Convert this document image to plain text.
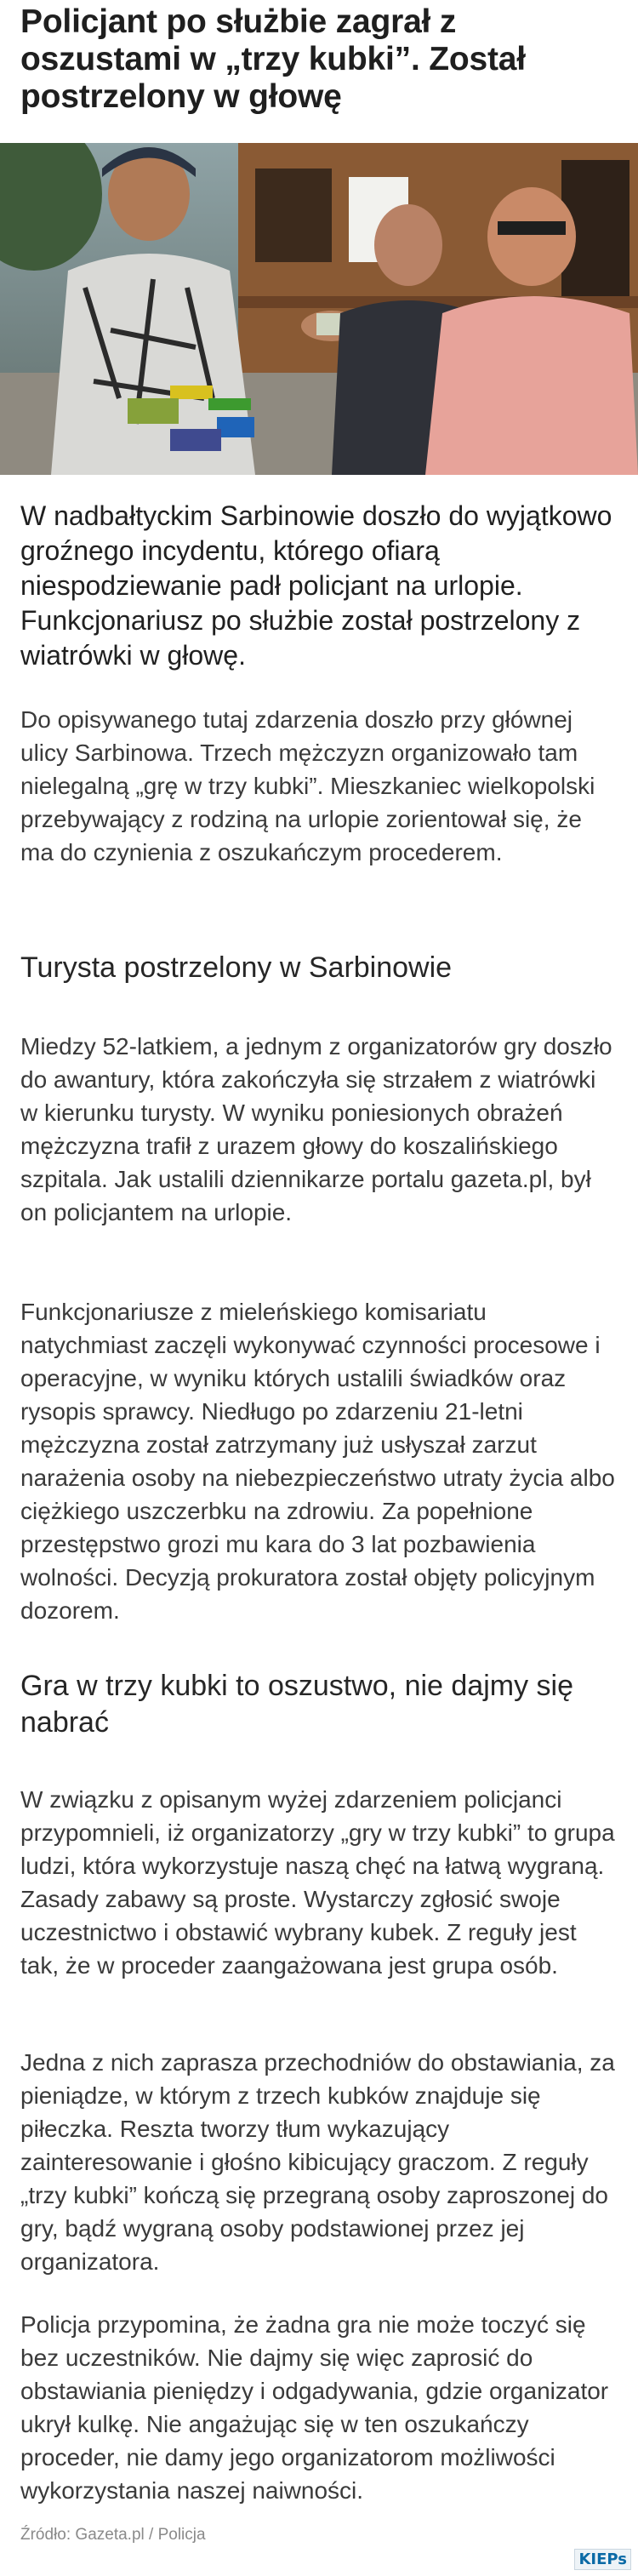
Policjant po służbie zagrał z oszustami w „trzy kubki”. Został postrzelony w głowę

W nadbałtyckim Sarbinowie doszło do wyjątkowo groźnego incydentu, którego ofiarą niespodziewanie padł policjant na urlopie. Funkcjonariusz po służbie został postrzelony z wiatrówki w głowę.

Do opisywanego tutaj zdarzenia doszło przy głównej ulicy Sarbinowa. Trzech mężczyzn organizowało tam nielegalną „grę w trzy kubki”. Mieszkaniec wielkopolski przebywający z rodziną na urlopie zorientował się, że ma do czynienia z oszukańczym procederem.

Turysta postrzelony w Sarbinowie

Miedzy 52-latkiem, a jednym z organizatorów gry doszło do awantury, która zakończyła się strzałem z wiatrówki w kierunku turysty. W wyniku poniesionych obrażeń mężczyzna trafił z urazem głowy do koszalińskiego szpitala. Jak ustalili dziennikarze portalu gazeta.pl, był on policjantem na urlopie.

Funkcjonariusze z mieleńskiego komisariatu natychmiast zaczęli wykonywać czynności procesowe i operacyjne, w wyniku których ustalili świadków oraz rysopis sprawcy. Niedługo po zdarzeniu 21-letni mężczyzna został zatrzymany już usłyszał zarzut narażenia osoby na niebezpieczeństwo utraty życia albo ciężkiego uszczerbku na zdrowiu. Za popełnione przestępstwo grozi mu kara do 3 lat pozbawienia wolności. Decyzją prokuratora został objęty policyjnym dozorem.

Gra w trzy kubki to oszustwo, nie dajmy się nabrać

W związku z opisanym wyżej zdarzeniem policjanci przypomnieli, iż organizatorzy „gry w trzy kubki” to grupa ludzi, która wykorzystuje naszą chęć na łatwą wygraną. Zasady zabawy są proste. Wystarczy zgłosić swoje uczestnictwo i obstawić wybrany kubek. Z reguły jest tak, że w proceder zaangażowana jest grupa osób.

Jedna z nich zaprasza przechodniów do obstawiania, za pieniądze, w którym z trzech kubków znajduje się piłeczka. Reszta tworzy tłum wykazujący zainteresowanie i głośno kibicujący graczom. Z reguły „trzy kubki” kończą się przegraną osoby zaproszonej do gry, bądź wygraną osoby podstawionej przez jej organizatora.

Policja przypomina, że żadna gra nie może toczyć się bez uczestników. Nie dajmy się więc zaprosić do obstawiania pieniędzy i odgadywania, gdzie organizator ukrył kulkę. Nie angażując się w ten oszukańczy proceder, nie damy jego organizatorom możliwości wykorzystania naszej naiwności.

Źródło: Gazeta.pl / Policja
KIEPs
